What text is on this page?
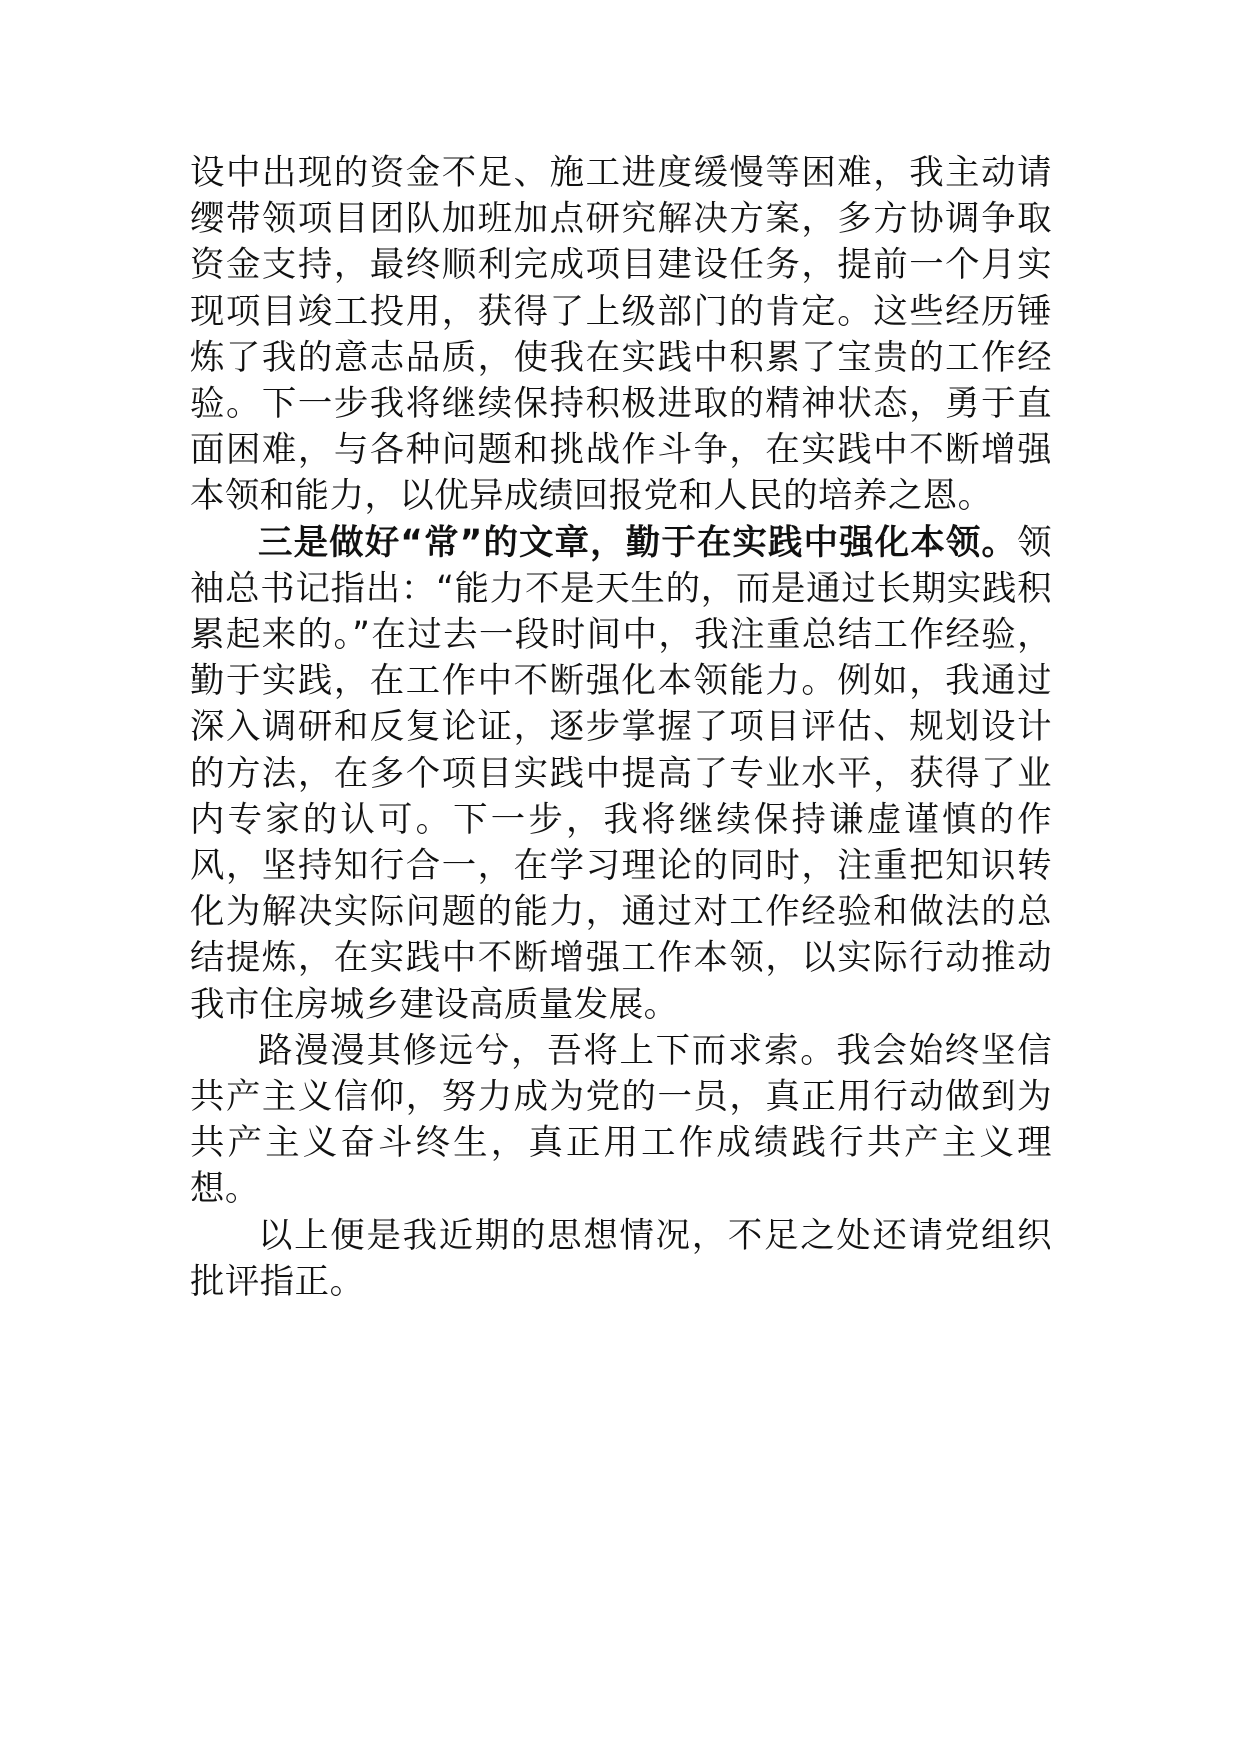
设中出现的资金不足、施工进度缓慢等困难，我主动请缨带领项目团队加班加点研究解决方案，多方协调争取资金支持，最终顺利完成项目建设任务，提前一个月实现项目竣工投用，获得了上级部门的肯定。这些经历锤炼了我的意志品质，使我在实践中积累了宝贵的工作经验。下一步我将继续保持积极进取的精神状态，勇于直面困难，与各种问题和挑战作斗争，在实践中不断增强本领和能力，以优异成绩回报党和人民的培养之恩。

三是做好“常”的文章，勤于在实践中强化本领。领袖总书记指出：“能力不是天生的，而是通过长期实践积累起来的。”在过去一段时间中，我注重总结工作经验，勤于实践，在工作中不断强化本领能力。例如，我通过深入调研和反复论证，逐步掌握了项目评估、规划设计的方法，在多个项目实践中提高了专业水平，获得了业内专家的认可。下一步，我将继续保持谦虚谨慎的作风，坚持知行合一，在学习理论的同时，注重把知识转化为解决实际问题的能力，通过对工作经验和做法的总结提炼，在实践中不断增强工作本领，以实际行动推动我市住房城乡建设高质量发展。

路漫漫其修远兮，吾将上下而求索。我会始终坚信共产主义信仰，努力成为党的一员，真正用行动做到为共产主义奋斗终生，真正用工作成绩践行共产主义理想。

以上便是我近期的思想情况，不足之处还请党组织批评指正。
